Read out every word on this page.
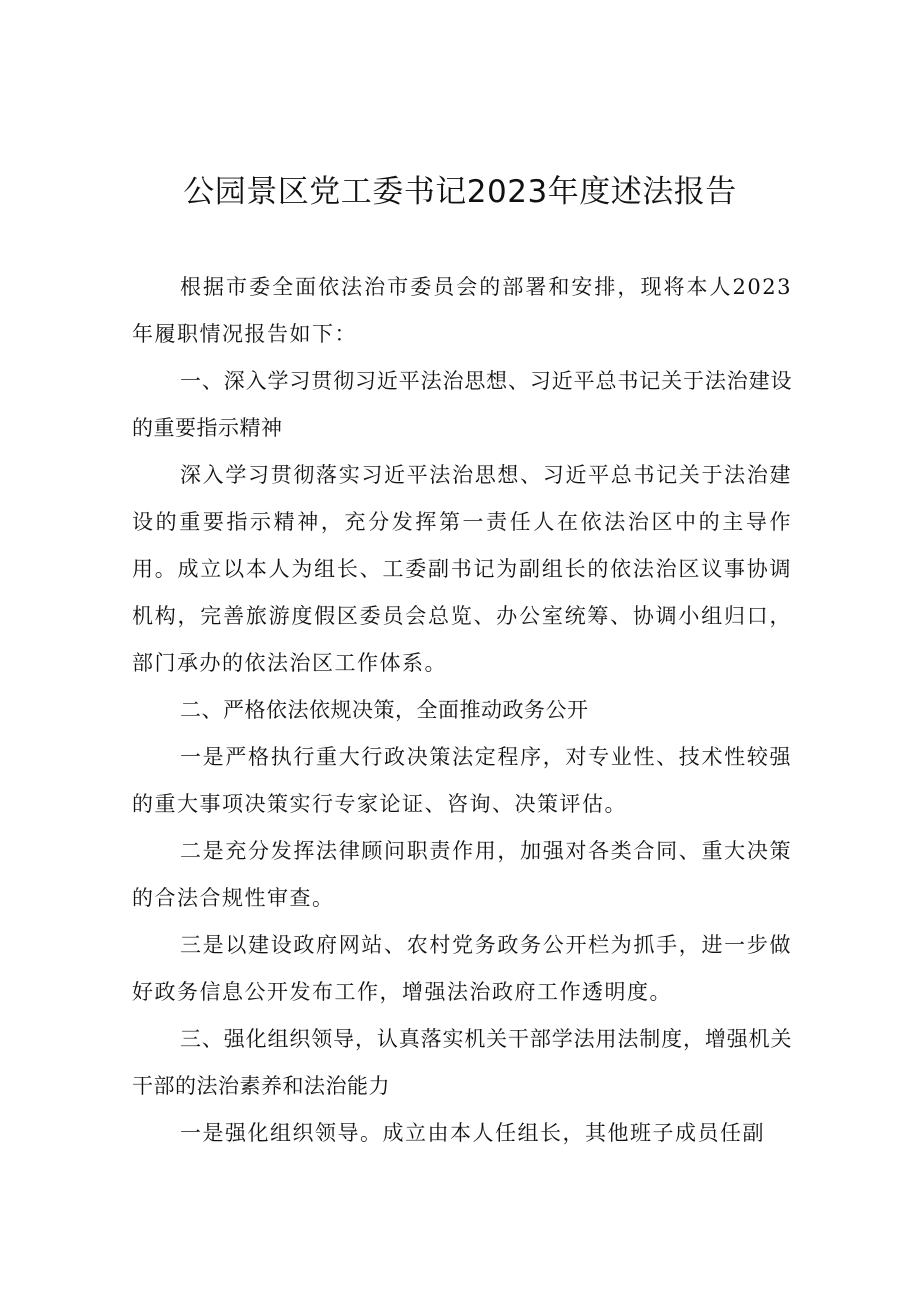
公园景区党工委书记2023年度述法报告

根据市委全面依法治市委员会的部署和安排，现将本人2023年履职情况报告如下：

一、深入学习贯彻习近平法治思想、习近平总书记关于法治建设的重要指示精神

深入学习贯彻落实习近平法治思想、习近平总书记关于法治建设的重要指示精神，充分发挥第一责任人在依法治区中的主导作用。成立以本人为组长、工委副书记为副组长的依法治区议事协调机构，完善旅游度假区委员会总览、办公室统筹、协调小组归口，部门承办的依法治区工作体系。

二、严格依法依规决策，全面推动政务公开

一是严格执行重大行政决策法定程序，对专业性、技术性较强的重大事项决策实行专家论证、咨询、决策评估。

二是充分发挥法律顾问职责作用，加强对各类合同、重大决策的合法合规性审查。

三是以建设政府网站、农村党务政务公开栏为抓手，进一步做好政务信息公开发布工作，增强法治政府工作透明度。

三、强化组织领导，认真落实机关干部学法用法制度，增强机关干部的法治素养和法治能力

一是强化组织领导。成立由本人任组长，其他班子成员任副
